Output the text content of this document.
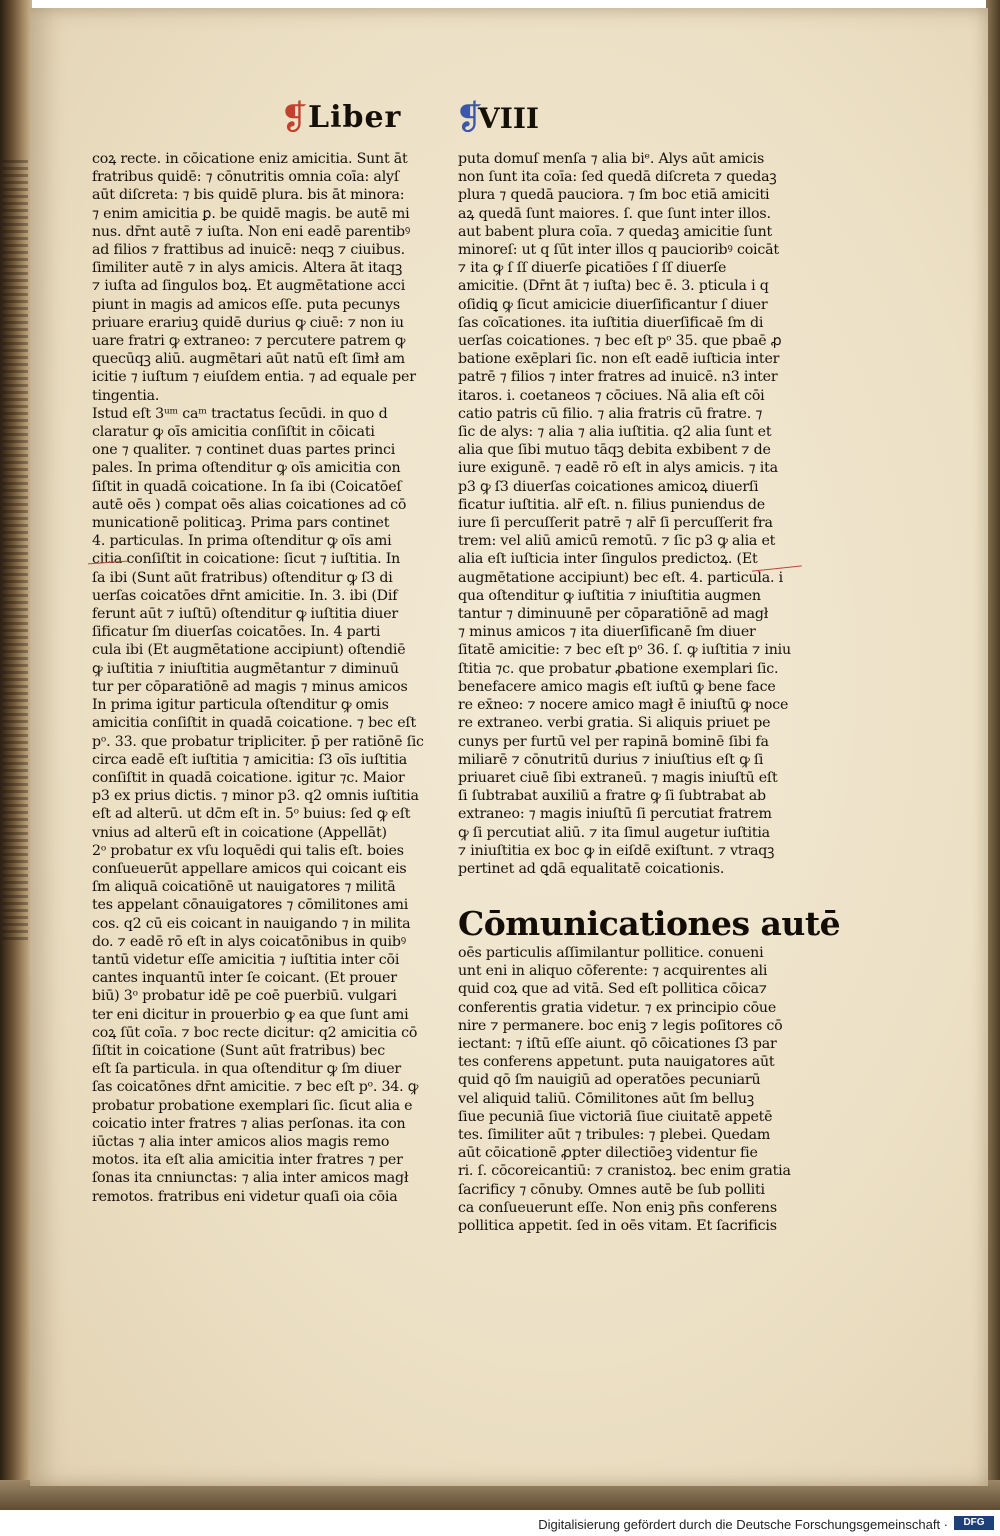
❡ Liber ❡
VIII
coꝝ recte. in cōicatione eniz amicitia. Sunt āt
fratribus quidē: ⁊ cōnutritis omnia coīa: alyſ
aūt diſcreta: ⁊ bis quidē plura. bis āt minora:
⁊ enim amicitia ꝑ. be quidē magis. be autē mi
nus. dr̄nt autē ⁊ iuſta. Non eni eadē parentibꝰ
ad filios ⁊ frattibus ad inuicē: neqꝫ ⁊ ciuibus.
ſimiliter autē ⁊ in alys amicis. Altera āt itaqꝫ
⁊ iuſta ad ſingulos boꝝ. Et augmētatione acci
piunt in magis ad amicos eſſe. puta pecunys
priuare erariuꝫ quidē durius ꝙ ciuē: ⁊ non iu
uare fratri ꝙ extraneo: ⁊ percutere patrem ꝙ
quecūqꝫ aliū. augmētari aūt natū eſt ſimł am
icitie ⁊ iuſtum ⁊ eiuſdem entia. ⁊ ad equale per
tingentia.
Istud eſt 3ᵘᵐ caᵐ tractatus ſecūdi. in quo d
clаratur ꝙ oīs amicitia conſiſtit in cōicati
one ⁊ qualiter. ⁊ continet duas partes princi
pales. In prima oſtenditur ꝙ oīs amicitia con
ſiſtit in quadā coicatione. In ſa ibi (Coicatōeſ
autē oēs ) compat oēs alias coicationes ad cō
municationē politicaꝫ. Prima pars continet
4. particulas. In prima oſtenditur ꝙ oīs ami
citia conſiſtit in coicatione: ſicut ⁊ iuſtitia. In
ſa ibi (Sunt aūt fratribus) oſtenditur ꝙ ſ3 di
uerſas coicatōes dr̄nt amicitie. In. 3. ibi (Dif
ferunt aūt ⁊ iuſtū) oſtenditur ꝙ iuſtitia diuer
ſificatur ſm diuerſas coicatōes. In. 4 parti
cula ibi (Et augmētatione accipiunt) oſtendiē
ꝙ iuſtitia ⁊ iniuſtitia augmētantur ⁊ diminuū
tur per cōparatiōnē ad magis ⁊ minus amicos
In prima igitur particula oſtenditur ꝙ omis
amicitia conſiſtit in quadā coicatione. ⁊ bec eſt
pᵒ. 33. que probatur tripliciter. p̄ per ratiōnē ſic
circa eadē eſt iuſtitia ⁊ amicitia: ſ3 oīs iuſtitia
conſiſtit in quadā coicatione. igitur ⁊c. Maior
p3 ex prius dictis. ⁊ minor p3. q2 omnis iuſtitia
eſt ad alterū. ut dc̄m eſt in. 5ᵒ buius: ſed ꝙ eſt
vnius ad alterū eſt in coicatione (Appellāt)
2ᵒ probatur ex vſu loquēdi qui talis eſt. boies
conſueuerūt appellare amicos qui coicant eis
ſm aliquā coicatiōnē ut nauigatores ⁊ militā
tes appelant cōnauigatores ⁊ cōmilitones ami
cos. q2 cū eis coicant in nauigando ⁊ in milita
do. ⁊ eadē rō eſt in alys coicatōnibus in quibꝰ
tantū videtur eſſe amicitia ⁊ iuſtitia inter cōi
cantes inquantū inter ſe coicant. (Et prouer
biū) 3ᵒ probatur idē pe coē puerbiū. vulgari
ter eni dicitur in prouerbio ꝙ ea que ſunt ami
coꝝ ſūt coīa. ⁊ boc recte dicitur: q2 amicitia cō
ſiſtit in coicatione (Sunt aūt fratribus) bec
eſt ſa particula. in qua oſtenditur ꝙ ſm diuer
ſas coicatōnes dr̄nt amicitie. ⁊ bec eſt pᵒ. 34. ꝙ
probatur probatione exemplari ſic. ſicut alia e
coicatio inter fratres ⁊ alias perſonas. ita con
iūctas ⁊ alia inter amicos alios magis remo
motos. ita eſt alia amicitia inter fratres ⁊ per
ſonas ita cnniunctas: ⁊ alia inter amicos magł
remotos. fratribus eni videtur quaſi oia cōia
puta domuſ menſa ⁊ alia biᵉ. Alys aūt amicis
non ſunt ita coīa: ſed quedā diſcreta ⁊ quedaꝫ
plura ⁊ quedā pauciora. ⁊ ſm boc etiā amiciti
aꝝ quedā ſunt maiores. ſ. que ſunt inter illos.
aut babent plura coīa. ⁊ quedaꝫ amicitie ſunt
minoreſ: ut q ſūt inter illos q paucioribꝰ coicāt
⁊ ita ꝙ ſ ſſ diuerſe ꝑicatiōes ſ ſſ diuerſe
amicitie. (Dr̄nt āt ⁊ iuſta) bec ē. 3. pticula i q
oſidiꝗ ꝙ ſicut amicicie diuerſificantur ſ diuer
ſas coīcationes. ita iuſtitia diuerſificaē ſm di
uerſas coicationes. ⁊ bec eſt pᵒ 35. que pbaē ꝓ
batione exēplari ſic. non eſt eadē iuſticia inter
patrē ⁊ filios ⁊ inter fratres ad inuicē. n3 inter
itaros. i. coetaneos ⁊ cōciues. Nā alia eſt cōi
catio patris cū filio. ⁊ alia fratris cū fratre. ⁊
ſic de alys: ⁊ alia ⁊ alia iuſtitia. q2 alia ſunt et
alia que ſibi mutuo tāqꝫ debita exbibent ⁊ de
iure exigunē. ⁊ eadē rō eſt in alys amicis. ⁊ ita
p3 ꝙ ſ3 diuerſas coicationes amicoꝝ diuerſi
ficatur iuſtitia. alr̄ eſt. n. filius puniendus de
iure ſi percuſſerit patrē ⁊ alr̄ ſi percuſſerit fra
trem: vel aliū amicū remotū. ⁊ ſic p3 ꝙ alia et
alia eſt iuſticia inter ſingulos predictoꝝ. (Et
augmētatione accipiunt) bec eſt. 4. particula. i
qua oſtenditur ꝙ iuſtitia ⁊ iniuſtitia augmen
tantur ⁊ diminuunē per cōparatiōnē ad magł
⁊ minus amicos ⁊ ita diuerſificanē ſm diuer
ſitatē amicitie: ⁊ bec eſt pᵒ 36. ſ. ꝙ iuſtitia ⁊ iniu
ſtitia ⁊c. que probatur ꝓbatione exemplari ſic.
benefacere amico magis eſt iuſtū ꝙ bene face
re ex̄neo: ⁊ nocere amico magł ē iniuſtū ꝙ noce
re extraneo. verbi gratia. Si aliquis priuet pe
cunys per furtū vel per rapinā bominē ſibi fa
miliarē ⁊ cōnutritū durius ⁊ iniuſtius eſt ꝙ ſi
priuaret ciuē ſibi extraneū. ⁊ magis iniuſtū eſt
ſi ſubtrabat auxiliū a fratre ꝙ ſi ſubtrabat ab
extraneo: ⁊ magis iniuſtū ſi percutiat fratrem
ꝙ ſi percutiat aliū. ⁊ ita ſimul augetur iuſtitia
⁊ iniuſtitia ex boc ꝙ in eiſdē exiſtunt. ⁊ vtraqꝫ
pertinet ad ꝗdā equalitatē coicationis.
Cōmunicationes autē
oēs particulis aſſimilantur pollitice. conueni
unt eni in aliquo cōferente: ⁊ acquirentes ali
quid coꝝ que ad vitā. Sed eſt pollitica cōica⁊
conferentis gratia videtur. ⁊ ex principio cōue
nire ⁊ permanere. boc eniꝫ ⁊ legis poſitores cō
iectant: ⁊ iſtū eſſe aiunt. qō cōicationes ſ3 par
tes conferens appetunt. puta nauigatores aūt
quid qō ſm nauigiū ad operatōes pecuniarū
vel aliquid taliū. Cōmilitones aūt ſm belluꝫ
ſiue pecuniā ſiue victoriā ſiue ciuitatē appetē
tes. ſimiliter aūt ⁊ tribules: ⁊ plebei. Quedam
aūt cōicationē ꝓpter dilectiōeꝫ videntur fie
ri. ſ. cōcoreicantiū: ⁊ cranistoꝝ. bec enim gratia
ſacrificy ⁊ cōnuby. Omnes autē be ſub polliti
ca conſueuerunt eſſe. Non eniꝫ pn̄s conferens
pollitica appetit. ſed in oēs vitam. Et ſacrificis
Digitalisierung gefördert durch die Deutsche Forschungsgemeinschaft ·	DFG
